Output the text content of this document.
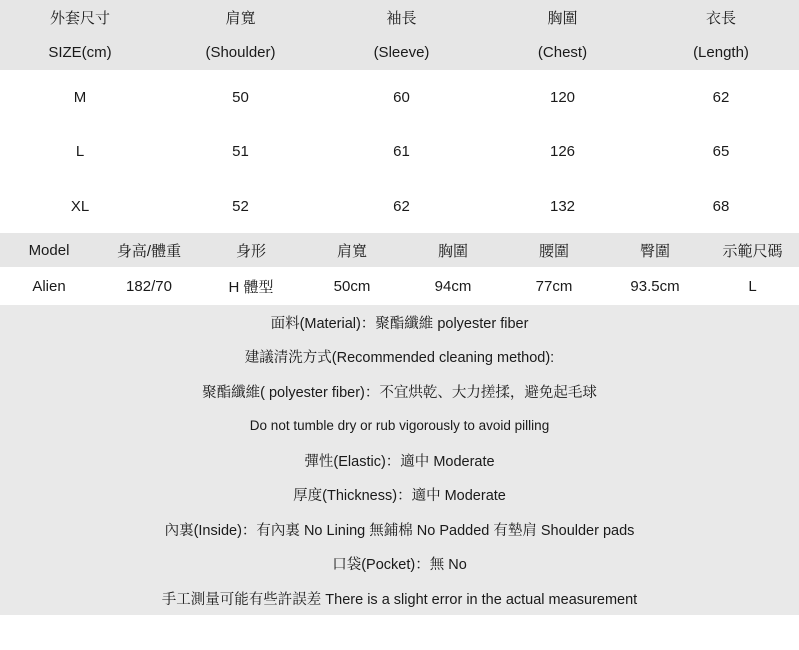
外套尺寸	肩寬	袖長	胸圍	衣長
SIZE(cm)	(Shoulder)	(Sleeve)	(Chest)	(Length)
M	50	60	120	62
L	51	61	126	65
XL	52	62	132	68
Model	身高/體重	身形	肩寬	胸圍	腰圍	臀圍	示範尺碼
Alien	182/70	H 體型	50cm	94cm	77cm	93.5cm	L
面料(Material)：聚酯纖維 polyester fiber
建議清洗方式(Recommended cleaning method):
聚酯纖維( polyester fiber)：不宜烘乾、大力搓揉，避免起毛球
Do not tumble dry or rub vigorously to avoid pilling
彈性(Elastic)：適中 Moderate
厚度(Thickness)：適中 Moderate
內裏(Inside)：有內裏 No Lining 無鋪棉 No Padded 有墊肩 Shoulder pads
口袋(Pocket)：無 No
手工測量可能有些許誤差 There is a slight error in the actual measurement
